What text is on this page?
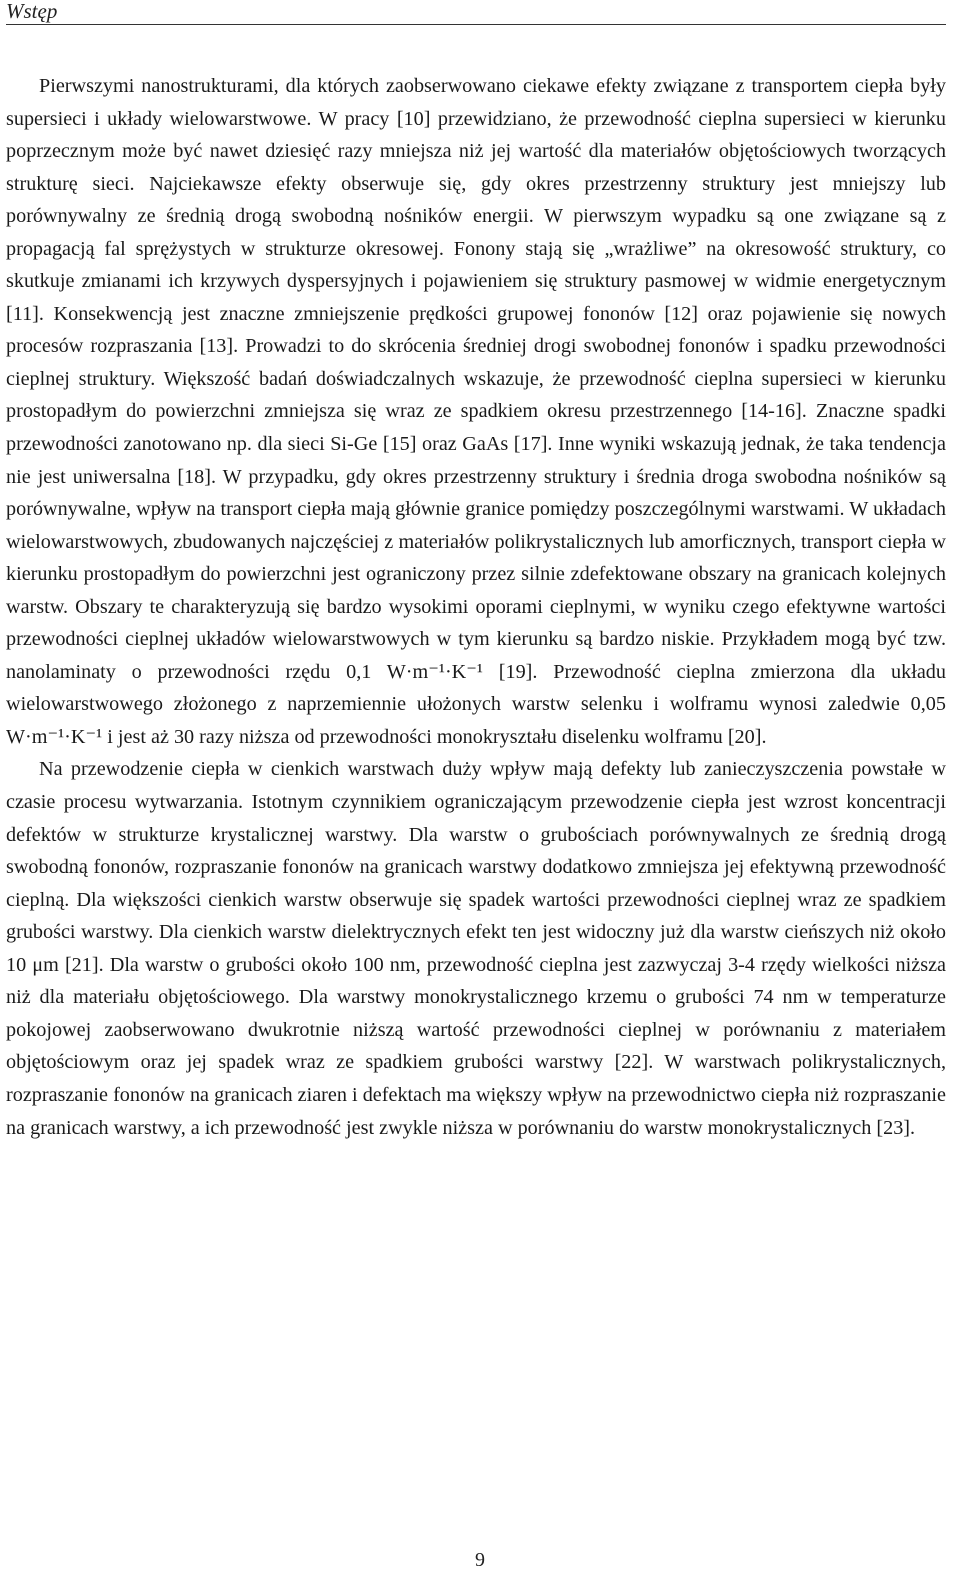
Wstęp

Pierwszymi nanostrukturami, dla których zaobserwowano ciekawe efekty związane z transportem ciepła były supersieci i układy wielowarstwowe. W pracy [10] przewidziano, że przewodność cieplna supersieci w kierunku poprzecznym może być nawet dziesięć razy mniejsza niż jej wartość dla materiałów objętościowych tworzących strukturę sieci. Najciekawsze efekty obserwuje się, gdy okres przestrzenny struktury jest mniejszy lub porównywalny ze średnią drogą swobodną nośników energii. W pierwszym wypadku są one związane są z propagacją fal sprężystych w strukturze okresowej. Fonony stają się „wrażliwe” na okresowość struktury, co skutkuje zmianami ich krzywych dyspersyjnych i pojawieniem się struktury pasmowej w widmie energetycznym [11]. Konsekwencją jest znaczne zmniejszenie prędkości grupowej fononów [12] oraz pojawienie się nowych procesów rozpraszania [13]. Prowadzi to do skrócenia średniej drogi swobodnej fononów i spadku przewodności cieplnej struktury. Większość badań doświadczalnych wskazuje, że przewodność cieplna supersieci w kierunku prostopadłym do powierzchni zmniejsza się wraz ze spadkiem okresu przestrzennego [14-16]. Znaczne spadki przewodności zanotowano np. dla sieci Si-Ge [15] oraz GaAs [17]. Inne wyniki wskazują jednak, że taka tendencja nie jest uniwersalna [18]. W przypadku, gdy okres przestrzenny struktury i średnia droga swobodna nośników są porównywalne, wpływ na transport ciepła mają głównie granice pomiędzy poszczególnymi warstwami. W układach wielowarstwowych, zbudowanych najczęściej z materiałów polikrystalicznych lub amorficznych, transport ciepła w kierunku prostopadłym do powierzchni jest ograniczony przez silnie zdefektowane obszary na granicach kolejnych warstw. Obszary te charakteryzują się bardzo wysokimi oporami cieplnymi, w wyniku czego efektywne wartości przewodności cieplnej układów wielowarstwowych w tym kierunku są bardzo niskie. Przykładem mogą być tzw. nanolaminaty o przewodności rzędu 0,1 W·m⁻¹·K⁻¹ [19]. Przewodność cieplna zmierzona dla układu wielowarstwowego złożonego z naprzemiennie ułożonych warstw selenku i wolframu wynosi zaledwie 0,05 W·m⁻¹·K⁻¹ i jest aż 30 razy niższa od przewodności monokryształu diselenku wolframu [20].

Na przewodzenie ciepła w cienkich warstwach duży wpływ mają defekty lub zanieczyszczenia powstałe w czasie procesu wytwarzania. Istotnym czynnikiem ograniczającym przewodzenie ciepła jest wzrost koncentracji defektów w strukturze krystalicznej warstwy. Dla warstw o grubościach porównywalnych ze średnią drogą swobodną fononów, rozpraszanie fononów na granicach warstwy dodatkowo zmniejsza jej efektywną przewodność cieplną. Dla większości cienkich warstw obserwuje się spadek wartości przewodności cieplnej wraz ze spadkiem grubości warstwy. Dla cienkich warstw dielektrycznych efekt ten jest widoczny już dla warstw cieńszych niż około 10 μm [21]. Dla warstw o grubości około 100 nm, przewodność cieplna jest zazwyczaj 3-4 rzędy wielkości niższa niż dla materiału objętościowego. Dla warstwy monokrystalicznego krzemu o grubości 74 nm w temperaturze pokojowej zaobserwowano dwukrotnie niższą wartość przewodności cieplnej w porównaniu z materiałem objętościowym oraz jej spadek wraz ze spadkiem grubości warstwy [22]. W warstwach polikrystalicznych, rozpraszanie fononów na granicach ziaren i defektach ma większy wpływ na przewodnictwo ciepła niż rozpraszanie na granicach warstwy, a ich przewodność jest zwykle niższa w porównaniu do warstw monokrystalicznych [23].

9
